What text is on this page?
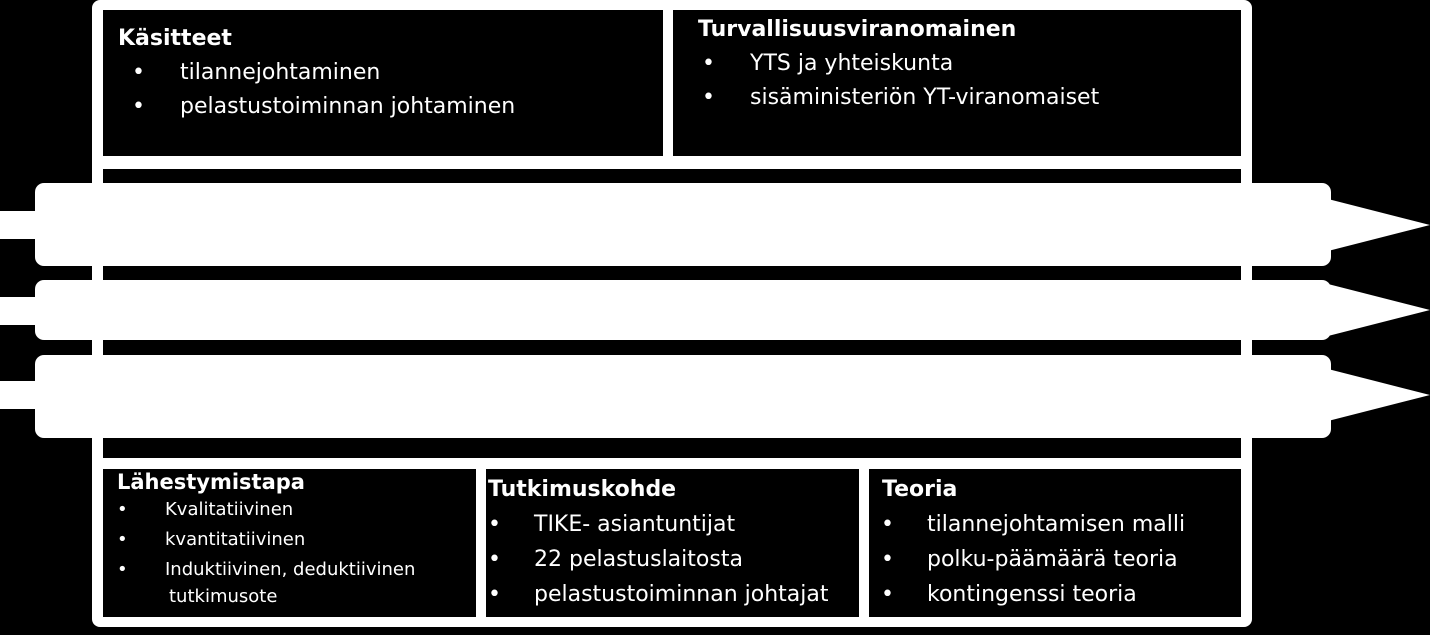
Käsitteet
• tilannejohtaminen
• pelastustoiminnan johtaminen
Turvallisuusviranomainen
• YTS ja yhteiskunta
• sisäministeriön YT-viranomaiset
Lähestymistapa
• Kvalitatiivinen
• kvantitatiivinen
• Induktiivinen, deduktiivinen
tutkimusote
Tutkimuskohde
• TIKE- asiantuntijat
• 22 pelastuslaitosta
• pelastustoiminnan johtajat
Teoria
• tilannejohtamisen malli
• polku-päämäärä teoria
• kontingenssi teoria
